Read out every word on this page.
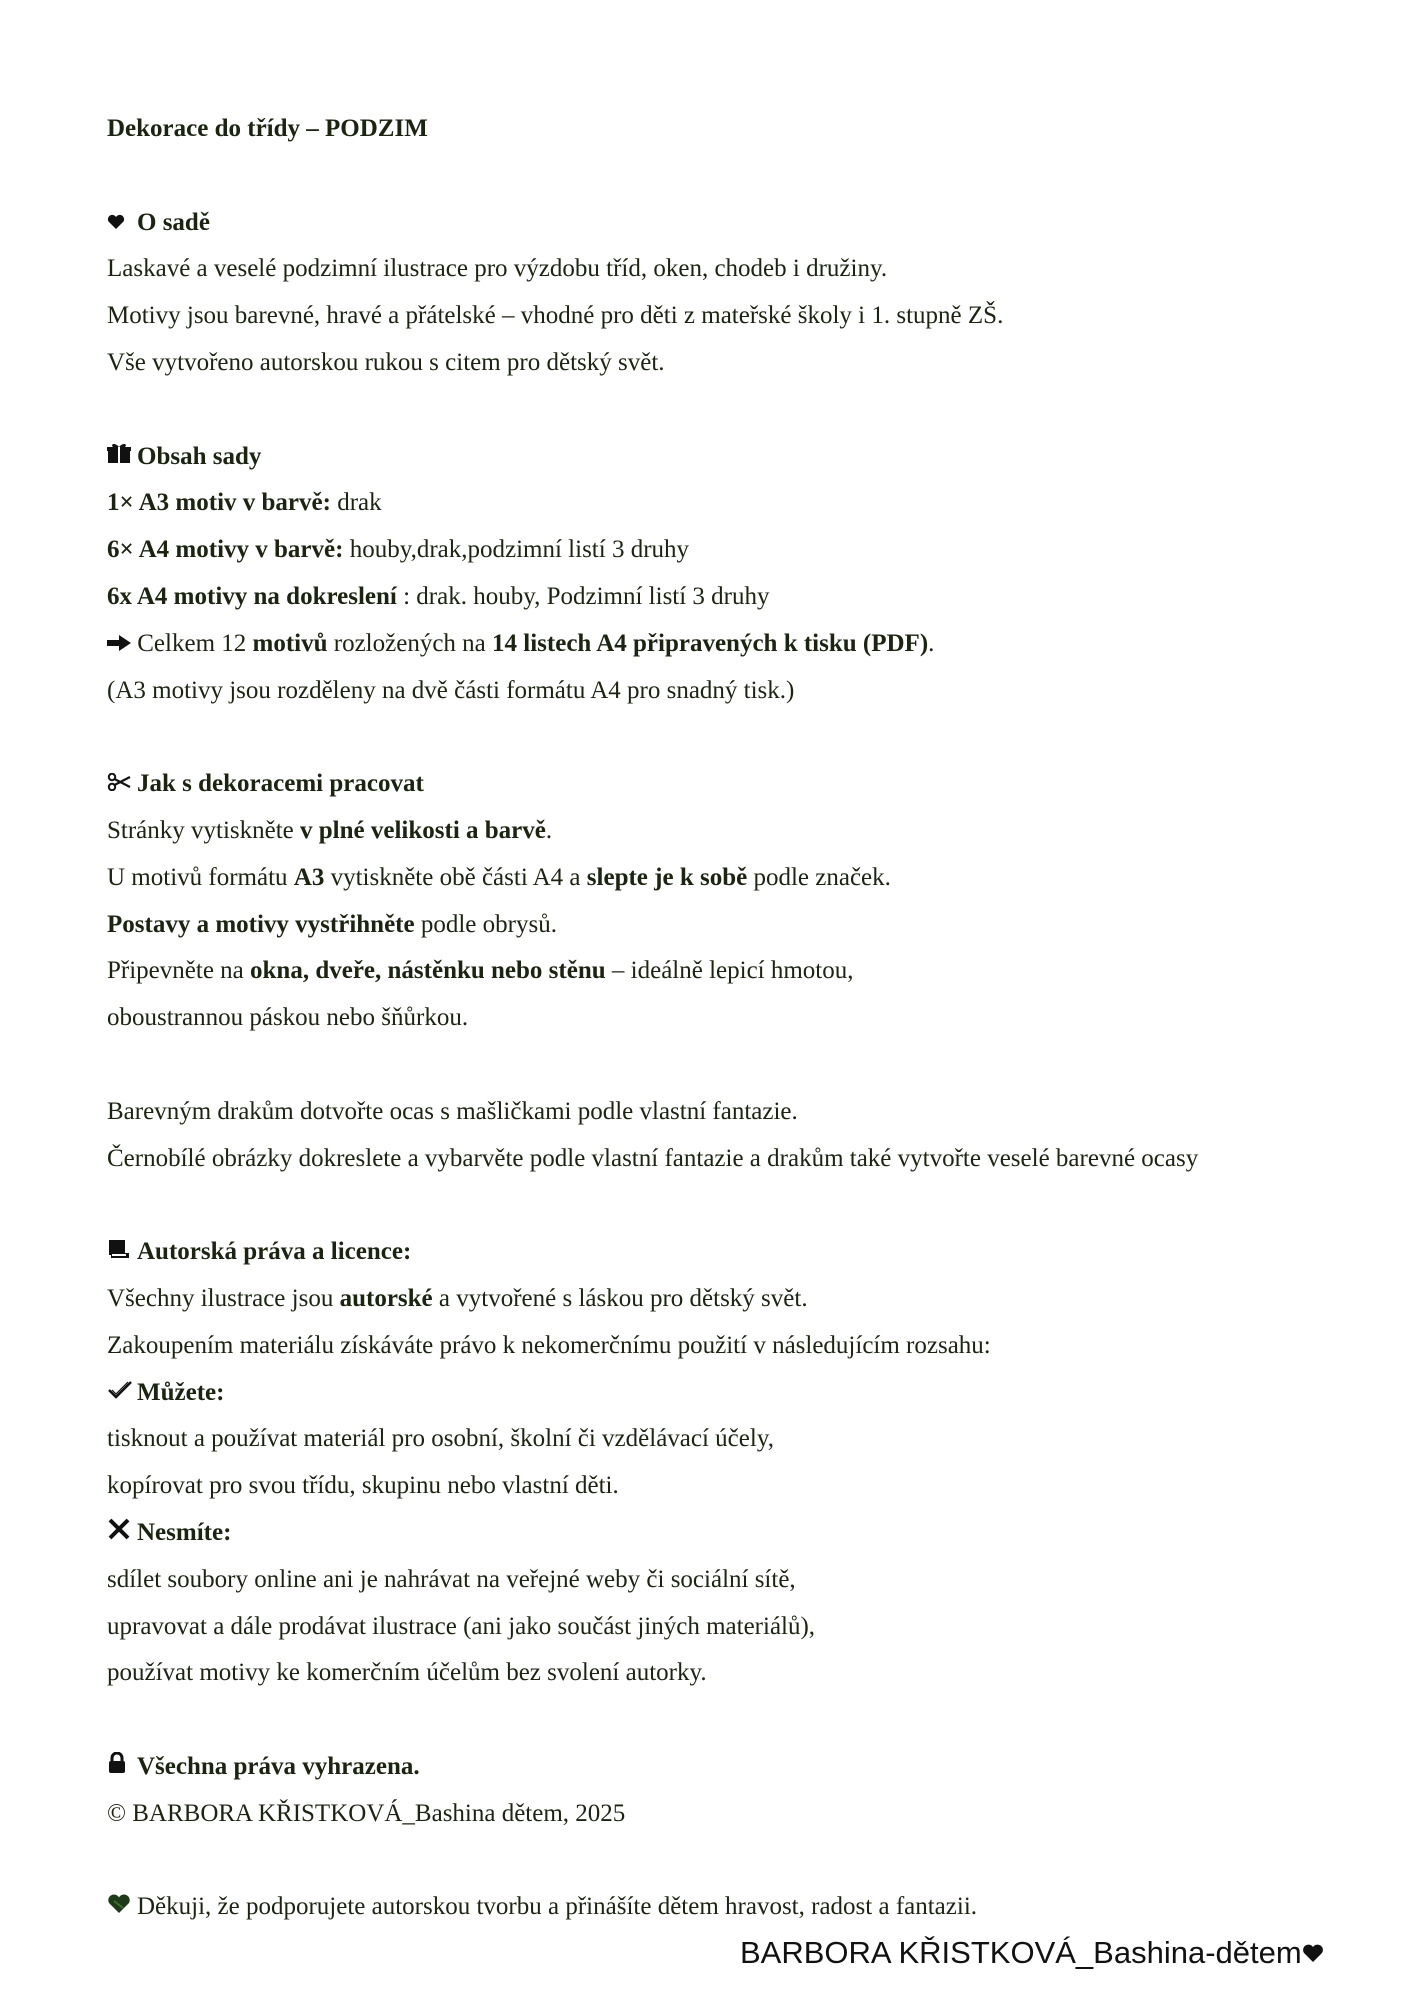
Dekorace do třídy – PODZIM
O sadě
Laskavé a veselé podzimní ilustrace pro výzdobu tříd, oken, chodeb i družiny.
Motivy jsou barevné, hravé a přátelské – vhodné pro děti z mateřské školy i 1. stupně ZŠ.
Vše vytvořeno autorskou rukou s citem pro dětský svět.
Obsah sady
1× A3 motiv v barvě: drak
6× A4 motivy v barvě: houby,drak,podzimní listí 3 druhy
6x A4 motivy na dokreslení : drak. houby, Podzimní listí 3 druhy
Celkem 12 motivů rozložených na 14 listech A4 připravených k tisku (PDF).
(A3 motivy jsou rozděleny na dvě části formátu A4 pro snadný tisk.)
Jak s dekoracemi pracovat
Stránky vytiskněte v plné velikosti a barvě.
U motivů formátu A3 vytiskněte obě části A4 a slepte je k sobě podle značek.
Postavy a motivy vystřihněte podle obrysů.
Připevněte na okna, dveře, nástěnku nebo stěnu – ideálně lepicí hmotou,
oboustrannou páskou nebo šňůrkou.
Barevným drakům dotvořte ocas s mašličkami podle vlastní fantazie.
Černobílé obrázky dokreslete a vybarvěte podle vlastní fantazie a drakům také vytvořte veselé barevné ocasy
Autorská práva a licence:
Všechny ilustrace jsou autorské a vytvořené s láskou pro dětský svět.
Zakoupením materiálu získáváte právo k nekomerčnímu použití v následujícím rozsahu:
Můžete:
tisknout a používat materiál pro osobní, školní či vzdělávací účely,
kopírovat pro svou třídu, skupinu nebo vlastní děti.
Nesmíte:
sdílet soubory online ani je nahrávat na veřejné weby či sociální sítě,
upravovat a dále prodávat ilustrace (ani jako součást jiných materiálů),
používat motivy ke komerčním účelům bez svolení autorky.
Všechna práva vyhrazena.
© BARBORA KŘISTKOVÁ_Bashina dětem, 2025
Děkuji, že podporujete autorskou tvorbu a přinášíte dětem hravost, radost a fantazii.
BARBORA KŘISTKOVÁ_Bashina-dětem
